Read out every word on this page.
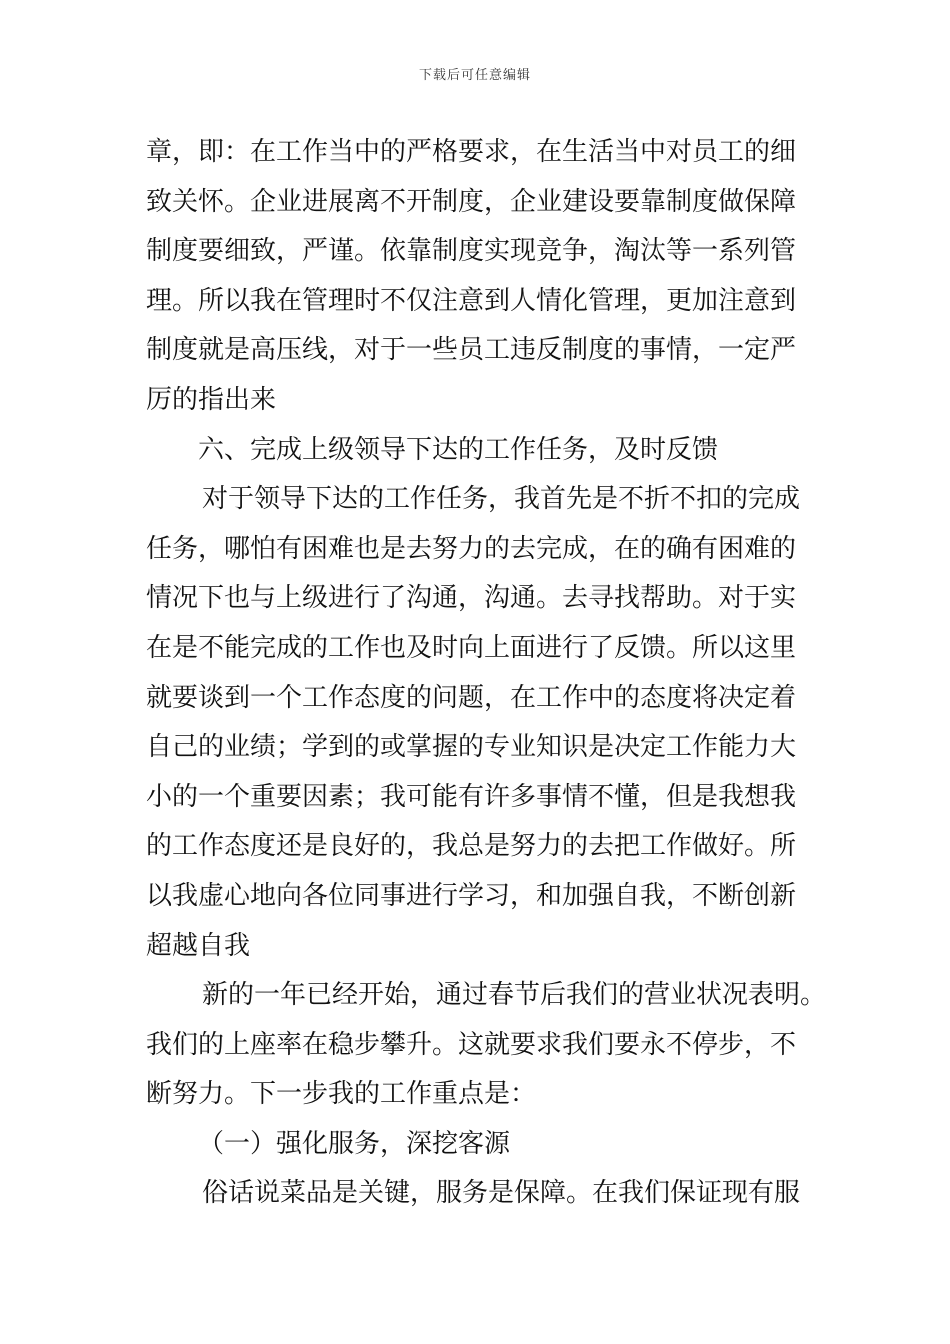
下载后可任意编辑
章，即：在工作当中的严格要求，在生活当中对员工的细
致关怀。企业进展离不开制度，企业建设要靠制度做保障
制度要细致，严谨。依靠制度实现竞争，淘汰等一系列管
理。所以我在管理时不仅注意到人情化管理，更加注意到
制度就是高压线，对于一些员工违反制度的事情，一定严
厉的指出来
六、完成上级领导下达的工作任务，及时反馈
对于领导下达的工作任务，我首先是不折不扣的完成
任务，哪怕有困难也是去努力的去完成，在的确有困难的
情况下也与上级进行了沟通，沟通。去寻找帮助。对于实
在是不能完成的工作也及时向上面进行了反馈。所以这里
就要谈到一个工作态度的问题，在工作中的态度将决定着
自己的业绩；学到的或掌握的专业知识是决定工作能力大
小的一个重要因素；我可能有许多事情不懂，但是我想我
的工作态度还是良好的，我总是努力的去把工作做好。所
以我虚心地向各位同事进行学习，和加强自我，不断创新
超越自我
新的一年已经开始，通过春节后我们的营业状况表明。
我们的上座率在稳步攀升。这就要求我们要永不停步，不
断努力。下一步我的工作重点是：
（一）强化服务，深挖客源
俗话说菜品是关键，服务是保障。在我们保证现有服
